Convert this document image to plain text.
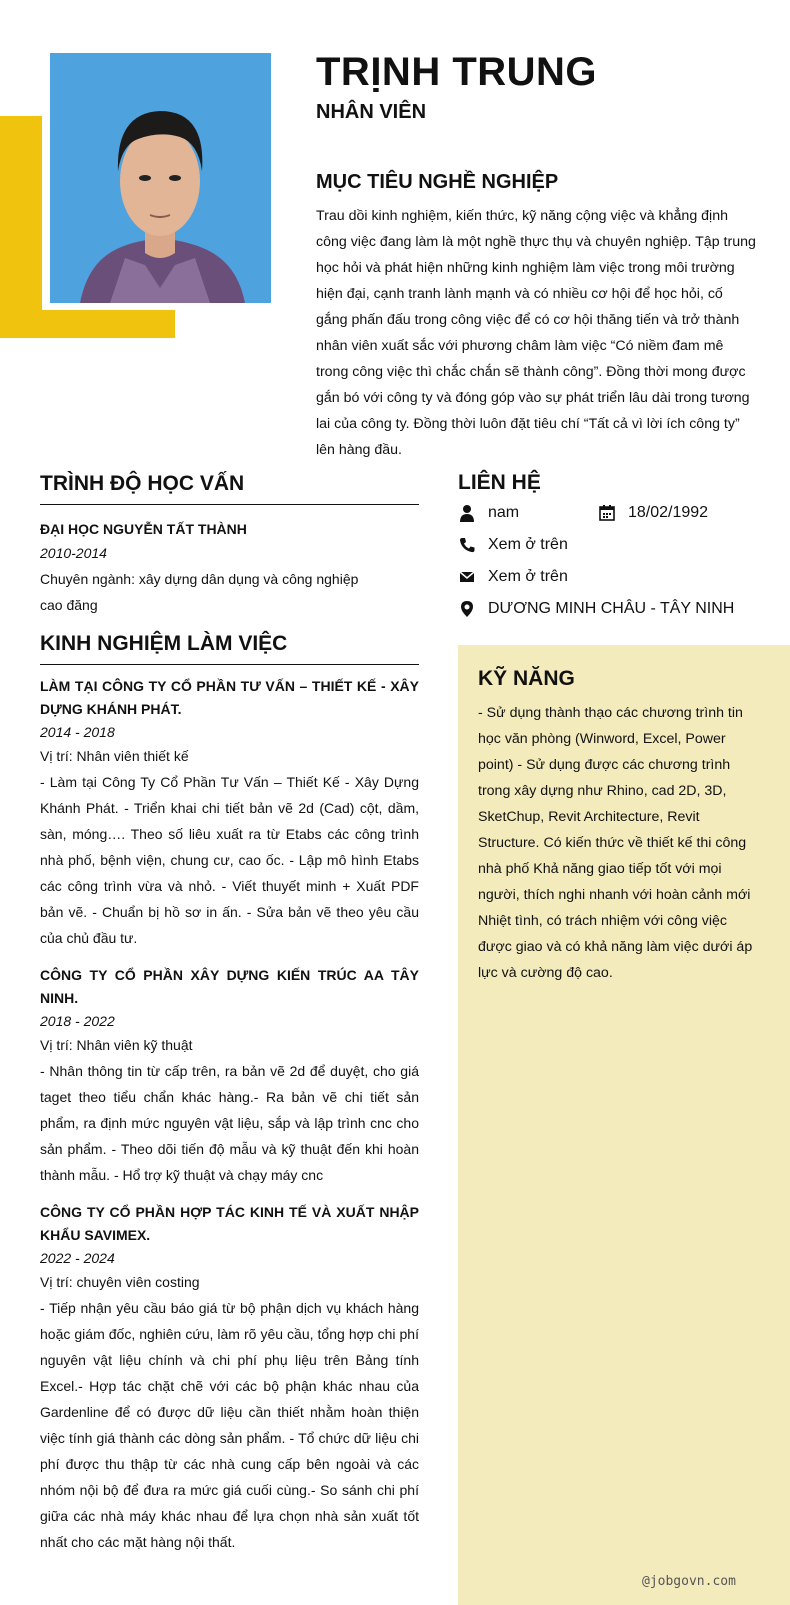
TRỊNH TRUNG
NHÂN VIÊN
MỤC TIÊU NGHỀ NGHIỆP

Trau dồi kinh nghiệm, kiến thức, kỹ năng cộng việc và khẳng định công việc đang làm là một nghề thực thụ và chuyên nghiệp. Tập trung học hỏi và phát hiện những kinh nghiệm làm việc trong môi trường hiện đại, cạnh tranh lành mạnh và có nhiều cơ hội để học hỏi, cố gắng phấn đấu trong công việc để có cơ hội thăng tiến và trở thành nhân viên xuất sắc với phương châm làm việc “Có niềm đam mê trong công việc thì chắc chắn sẽ thành công”. Đồng thời mong được gắn bó với công ty và đóng góp vào sự phát triển lâu dài trong tương lai của công ty. Đồng thời luôn đặt tiêu chí “Tất cả vì lời ích công ty” lên hàng đầu.

TRÌNH ĐỘ HỌC VẤN

ĐẠI HỌC NGUYỄN TẤT THÀNH

2010-2014

Chuyên ngành: xây dựng dân dụng và công nghiệp cao đăng

KINH NGHIỆM LÀM VIỆC

LÀM TẠI CÔNG TY CỔ PHẦN TƯ VẤN – THIẾT KẾ - XÂY DỰNG KHÁNH PHÁT.

2014 - 2018

Vị trí: Nhân viên thiết kế

- Làm tại Công Ty Cổ Phần Tư Vấn – Thiết Kế - Xây Dựng Khánh Phát. - Triển khai chi tiết bản vẽ 2d (Cad) cột, dầm, sàn, móng…. Theo số liêu xuất ra từ Etabs các công trình nhà phố, bệnh viện, chung cư, cao ốc. - Lập mô hình Etabs các công trình vừa và nhỏ. - Viết thuyết minh + Xuất PDF bản vẽ. - Chuẩn bị hồ sơ in ấn. - Sửa bản vẽ theo yêu cầu của chủ đầu tư.

CÔNG TY CỔ PHẦN XÂY DỰNG KIẾN TRÚC AA TÂY NINH.

2018 - 2022

Vị trí: Nhân viên kỹ thuật

- Nhân thông tin từ cấp trên, ra bản vẽ 2d để duyệt, cho giá taget theo tiểu chẩn khác hàng.- Ra bản vẽ chi tiết sản phẩm, ra định mức nguyên vật liệu, sắp và lập trình cnc cho sản phẩm. - Theo dõi tiến độ mẫu và kỹ thuật đến khi hoàn thành mẫu. - Hổ trợ kỹ thuật và chạy máy cnc

CÔNG TY CỔ PHẦN HỢP TÁC KINH TẾ VÀ XUẤT NHẬP KHẨU SAVIMEX.

2022 - 2024

Vị trí: chuyên viên costing

- Tiếp nhận yêu cầu báo giá từ bộ phận dịch vụ khách hàng hoặc giám đốc, nghiên cứu, làm rõ yêu cầu, tổng hợp chi phí nguyên vật liệu chính và chi phí phụ liệu trên Bảng tính Excel.- Hợp tác chặt chẽ với các bộ phận khác nhau của Gardenline để có được dữ liệu cần thiết nhằm hoàn thiện việc tính giá thành các dòng sản phẩm. - Tổ chức dữ liệu chi phí được thu thập từ các nhà cung cấp bên ngoài và các nhóm nội bộ để đưa ra mức giá cuối cùng.- So sánh chi phí giữa các nhà máy khác nhau để lựa chọn nhà sản xuất tốt nhất cho các mặt hàng nội thất.

LIÊN HỆ
nam	18/02/1992
Xem ở trên
Xem ở trên
DƯƠNG MINH CHÂU - TÂY NINH
KỸ NĂNG

- Sử dụng thành thạo các chương trình tin học văn phòng (Winword, Excel, Power point) - Sử dụng được các chương trình trong xây dựng như Rhino, cad 2D, 3D, SketChup, Revit Architecture, Revit Structure. Có kiến thức về thiết kế thi công nhà phố Khả năng giao tiếp tốt với mọi người, thích nghi nhanh với hoàn cảnh mới Nhiệt tình, có trách nhiệm với công việc được giao và có khả năng làm việc dưới áp lực và cường độ cao.

@jobgovn.com
